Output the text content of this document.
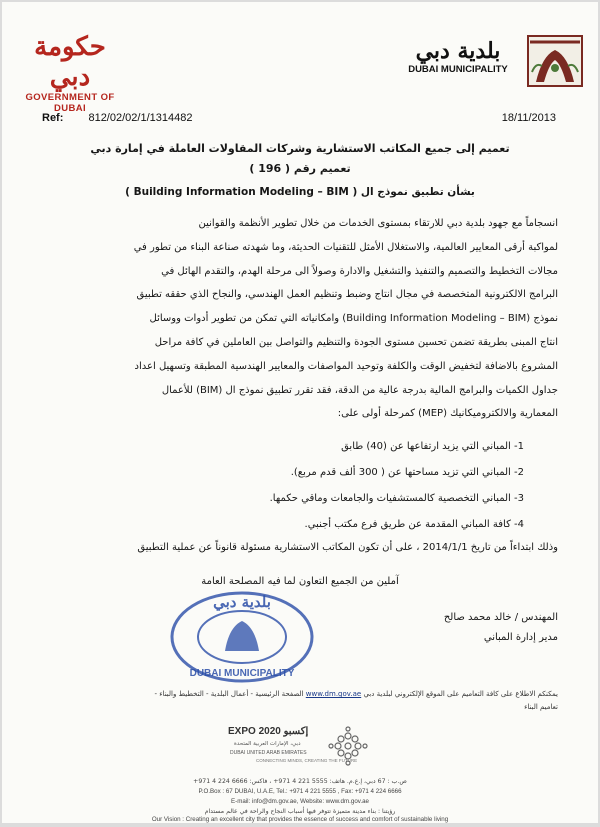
حكومة دبي
GOVERNMENT OF DUBAI
بلدية دبي
DUBAI MUNICIPALITY
Ref: 812/02/02/1/1314482	18/11/2013
تعميم إلى جميع المكاتب الاستشارية وشركات المقاولات العاملة في إمارة دبي
تعميم رقم ( 196 )
بشأن تطبيق نموذج ال ( Building Information Modeling – BIM )
انسجاماً مع جهود بلدية دبي للارتقاء بمستوى الخدمات من خلال تطوير الأنظمة والقوانين
لمواكبة أرقى المعايير العالمية، والاستغلال الأمثل للتقنيات الحديثة، وما شهدته صناعة البناء من تطور في
مجالات التخطيط والتصميم والتنفيذ والتشغيل والادارة وصولاً الى مرحلة الهدم، والتقدم الهائل في
البرامج الالكترونية المتخصصة في مجال انتاج وضبط وتنظيم العمل الهندسي، والنجاح الذي حققه تطبيق
نموذج (Building Information Modeling – BIM) وامكانياته التي تمكن من تطوير أدوات ووسائل
انتاج المبنى بطريقة تضمن تحسين مستوى الجودة والتنظيم والتواصل بين العاملين في كافة مراحل
المشروع بالاضافة لتخفيض الوقت والكلفة وتوحيد المواصفات والمعايير الهندسية المطبقة وتسهيل اعداد
جداول الكميات والبرامج المالية بدرجة عالية من الدقة، فقد تقرر تطبيق نموذج ال (BIM) للأعمال
المعمارية والالكتروميكانيك (MEP) كمرحلة أولى على:
1- المباني التي يزيد ارتفاعها عن (40) طابق
2- المباني التي تزيد مساحتها عن ( 300 ألف قدم مربع).
3- المباني التخصصية كالمستشفيات والجامعات وماقي حكمها.
4- كافة المباني المقدمة عن طريق فرع مكتب أجنبي.
وذلك ابتداءاً من تاريخ 2014/1/1 ، على أن تكون المكاتب الاستشارية مسئولة قانوناً عن عملية التطبيق
آملين من الجميع التعاون لما فيه المصلحة العامة
المهندس / خالد محمد صالح
مدير إدارة المباني
بلدية دبي
DUBAI MUNICIPALITY
يمكنكم الاطلاع على كافة التعاميم على الموقع الإلكتروني لبلدية دبي www.dm.gov.ae الصفحة الرئيسية - أعمال البلدية - التخطيط والبناء -
تعاميم البناء
EXPO 2020 إكسبو
دبي، الإمارات العربية المتحدة
DUBAI UNITED ARAB EMIRATES
CONNECTING MINDS, CREATING THE FUTURE
ص.ب : 67 دبي، إ.ع.م. هاتف: 5555 221 4 971+ ، فاكس: 6666 224 4 971+
P.O.Box : 67 DUBAI, U.A.E, Tel.: +971 4 221 5555 , Fax: +971 4 224 6666
E-mail: info@dm.gov.ae, Website: www.dm.gov.ae
رؤيتنا : بناء مدينة متميزة تتوفر فيها أسباب النجاح والراحة في عالم مستدام
Our Vision : Creating an excellent city that provides the essence of success and comfort of sustainable living
